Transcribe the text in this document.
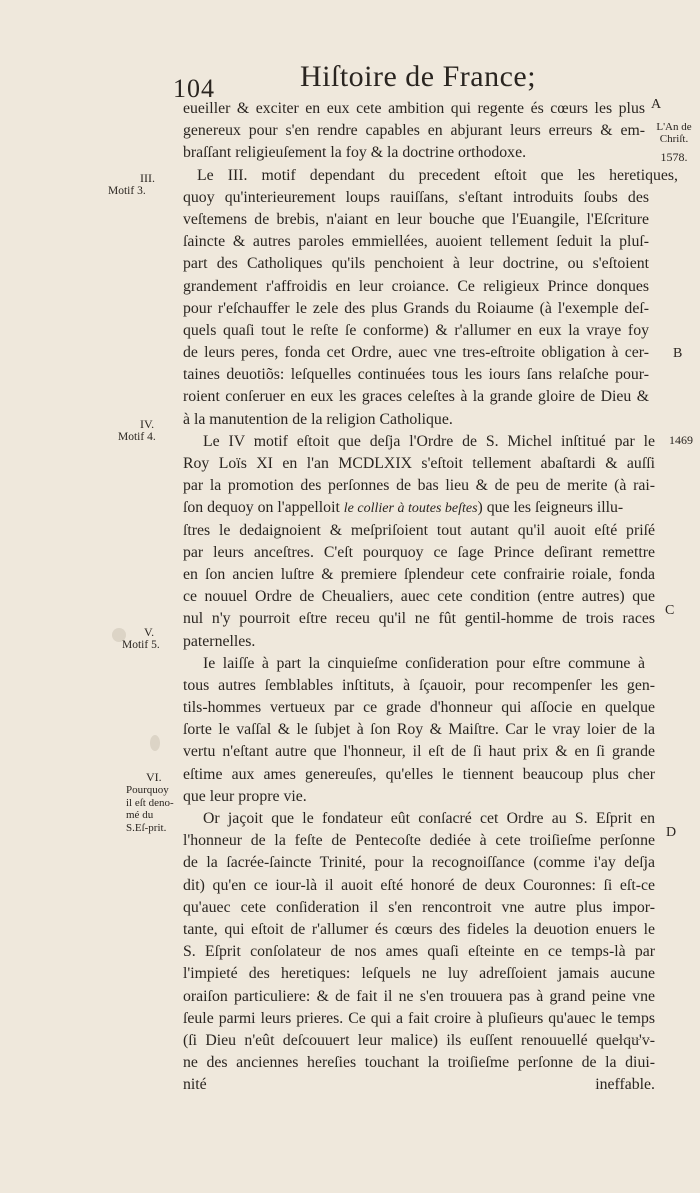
104	Hiſtoire de France;
III.
Motif 3.
IV.
Motif 4.
V.
Motif 5.
VI.
Pourquoy il eſt deno-mé du S.Eſ-prit.
A
L'An de Chriſt.
1578.
B
1469
C
D
eueiller & exciter en eux cete ambition qui regente és cœurs les plus
genereux pour s'en rendre capables en abjurant leurs erreurs & em-
braſſant religieuſement la foy & la doctrine orthodoxe.
Le III. motif dependant du precedent eſtoit que les heretiques,
quoy qu'interieurement loups rauiſſans, s'eſtant introduits ſoubs des
veſtemens de brebis, n'aiant en leur bouche que l'Euangile, l'Eſcriture
ſaincte & autres paroles emmiellées, auoient tellement ſeduit la pluſ-
part des Catholiques qu'ils penchoient à leur doctrine, ou s'eſtoient
grandement r'affroidis en leur croiance. Ce religieux Prince donques
pour r'eſchauffer le zele des plus Grands du Roiaume (à l'exemple deſ-
quels quaſi tout le reſte ſe conforme) & r'allumer en eux la vraye foy
de leurs peres, fonda cet Ordre, auec vne tres-eſtroite obligation à cer-
taines deuotiõs: leſquelles continuées tous les iours ſans relaſche pour-
roient conſeruer en eux les graces celeſtes à la grande gloire de Dieu &
à la manutention de la religion Catholique.
Le IV motif eſtoit que deſja l'Ordre de S. Michel inſtitué par le
Roy Loïs XI en l'an MCDLXIX s'eſtoit tellement abaſtardi & auſſi
par la promotion des perſonnes de bas lieu & de peu de merite (à rai-
ſon dequoy on l'appelloit le collier à toutes beſtes) que les ſeigneurs illu-
ſtres le dedaignoient & meſpriſoient tout autant qu'il auoit eſté priſé
par leurs anceſtres. C'eſt pourquoy ce ſage Prince deſirant remettre
en ſon ancien luſtre & premiere ſplendeur cete confrairie roiale, fonda
ce nouuel Ordre de Cheualiers, auec cete condition (entre autres) que
nul n'y pourroit eſtre receu qu'il ne fût gentil-homme de trois races
paternelles.
Ie laiſſe à part la cinquieſme conſideration pour eſtre commune à
tous autres ſemblables inſtituts, à ſçauoir, pour recompenſer les gen-
tils-hommes vertueux par ce grade d'honneur qui aſſocie en quelque
ſorte le vaſſal & le ſubjet à ſon Roy & Maiſtre. Car le vray loier de la
vertu n'eſtant autre que l'honneur, il eſt de ſi haut prix & en ſi grande
eſtime aux ames genereuſes, qu'elles le tiennent beaucoup plus cher
que leur propre vie.
Or jaçoit que le fondateur eût conſacré cet Ordre au S. Eſprit en
l'honneur de la feſte de Pentecoſte dediée à cete troiſieſme perſonne
de la ſacrée-ſaincte Trinité, pour la recognoiſſance (comme i'ay deſja
dit) qu'en ce iour-là il auoit eſté honoré de deux Couronnes: ſi eſt-ce
qu'auec cete conſideration il s'en rencontroit vne autre plus impor-
tante, qui eſtoit de r'allumer és cœurs des fideles la deuotion enuers le
S. Eſprit conſolateur de nos ames quaſi eſteinte en ce temps-là par
l'impieté des heretiques: leſquels ne luy adreſſoient jamais aucune
oraiſon particuliere: & de fait il ne s'en trouuera pas à grand peine vne
ſeule parmi leurs prieres. Ce qui a fait croire à pluſieurs qu'auec le temps
(ſi Dieu n'eût deſcouuert leur malice) ils euſſent renouuellé quelqu'v-
ne des anciennes hereſies touchant la troiſieſme perſonne de la diui-
nité ineffable.
